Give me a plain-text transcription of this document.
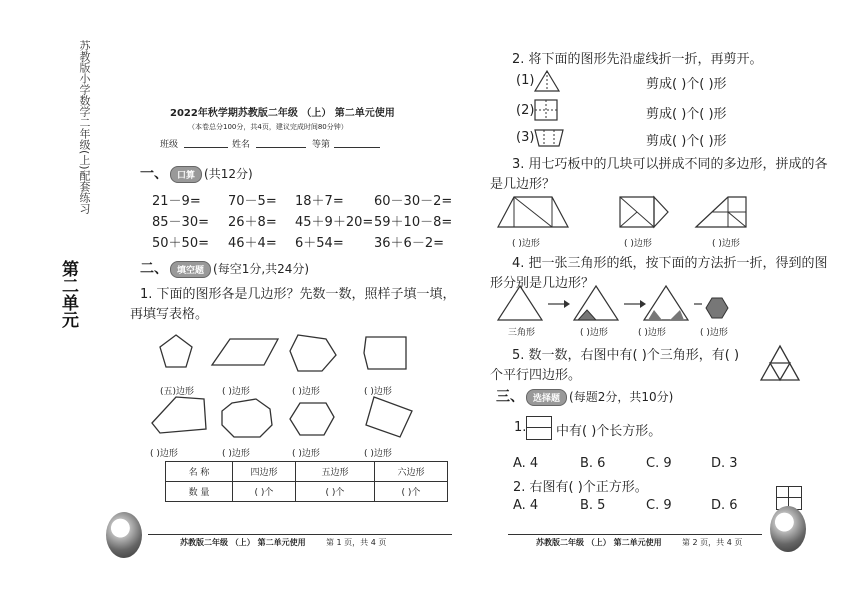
苏教版小学数学二年级(上)配套练习
第二单元
2022年秋学期苏教版二年级 （上） 第二单元使用
（本卷总分100分，共4页，建议完成时间80分钟）
班级	姓名	等第
一、 口算 (共12分)
21－9= 70－5= 18＋7= 60－30－2=
85－30= 26＋8= 45＋9＋20= 59＋10－8=
50＋50= 46＋4= 6＋54= 36＋6－2=
二、 填空题 (每空1分,共24分)
1. 下面的图形各是几边形？先数一数，照样子填一填，
再填写表格。
(五)边形	( )边形	( )边形	( )边形
( )边形	( )边形	( )边形	( )边形
名 称	四边形	五边形	六边形
数 量	( )个	( )个	( )个
苏教版二年级 （上） 第二单元使用	第 1 页，共 4 页
2. 将下面的图形先沿虚线折一折，再剪开。
(1)	剪成( )个( )形
(2)	剪成( )个( )形
(3)	剪成( )个( )形
3. 用七巧板中的几块可以拼成不同的多边形，拼成的各
是几边形？
( )边形	( )边形	( )边形
4. 把一张三角形的纸，按下面的方法折一折，得到的图
形分别是几边形？
三角形	( )边形	( )边形	( )边形
5. 数一数，右图中有( )个三角形，有( )
个平行四边形。
三、 选择题 (每题2分，共10分)
1. 中有( )个长方形。
A. 4	B. 6	C. 9	D. 3
2. 右图有( )个正方形。
A. 4	B. 5	C. 9	D. 6
苏教版二年级 （上） 第二单元使用	第 2 页，共 4 页
